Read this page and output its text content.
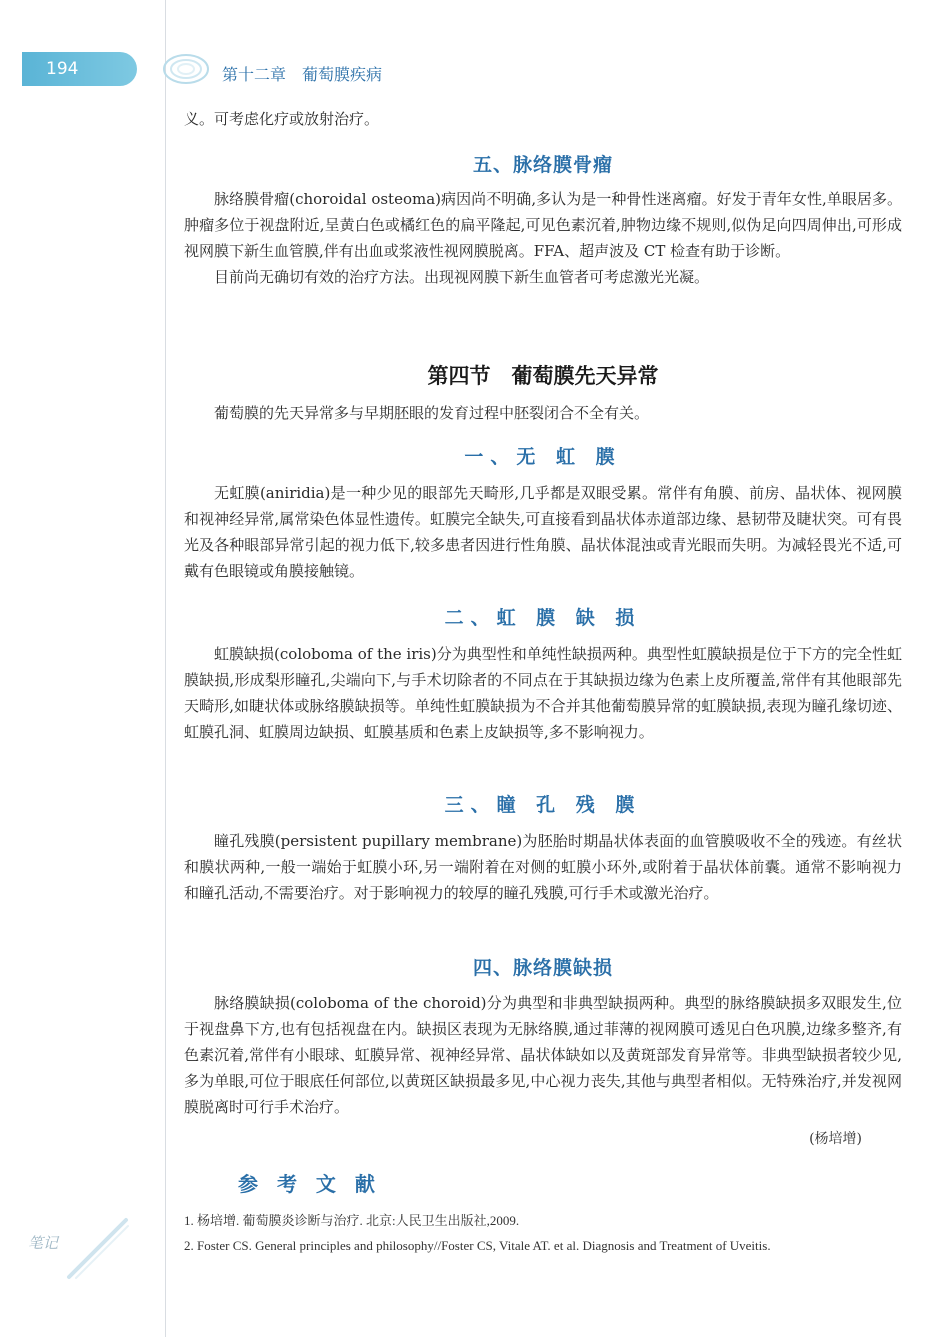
194	第十二章　葡萄膜疾病

义。可考虑化疗或放射治疗。

五、脉络膜骨瘤

脉络膜骨瘤(choroidal osteoma)病因尚不明确,多认为是一种骨性迷离瘤。好发于青年女性,单眼居多。肿瘤多位于视盘附近,呈黄白色或橘红色的扁平隆起,可见色素沉着,肿物边缘不规则,似伪足向四周伸出,可形成视网膜下新生血管膜,伴有出血或浆液性视网膜脱离。FFA、超声波及 CT 检查有助于诊断。

目前尚无确切有效的治疗方法。出现视网膜下新生血管者可考虑激光光凝。

第四节　葡萄膜先天异常

葡萄膜的先天异常多与早期胚眼的发育过程中胚裂闭合不全有关。

一、无 虹 膜

无虹膜(aniridia)是一种少见的眼部先天畸形,几乎都是双眼受累。常伴有角膜、前房、晶状体、视网膜和视神经异常,属常染色体显性遗传。虹膜完全缺失,可直接看到晶状体赤道部边缘、悬韧带及睫状突。可有畏光及各种眼部异常引起的视力低下,较多患者因进行性角膜、晶状体混浊或青光眼而失明。为减轻畏光不适,可戴有色眼镜或角膜接触镜。

二、虹 膜 缺 损

虹膜缺损(coloboma of the iris)分为典型性和单纯性缺损两种。典型性虹膜缺损是位于下方的完全性虹膜缺损,形成梨形瞳孔,尖端向下,与手术切除者的不同点在于其缺损边缘为色素上皮所覆盖,常伴有其他眼部先天畸形,如睫状体或脉络膜缺损等。单纯性虹膜缺损为不合并其他葡萄膜异常的虹膜缺损,表现为瞳孔缘切迹、虹膜孔洞、虹膜周边缺损、虹膜基质和色素上皮缺损等,多不影响视力。

三、瞳 孔 残 膜

瞳孔残膜(persistent pupillary membrane)为胚胎时期晶状体表面的血管膜吸收不全的残迹。有丝状和膜状两种,一般一端始于虹膜小环,另一端附着在对侧的虹膜小环外,或附着于晶状体前囊。通常不影响视力和瞳孔活动,不需要治疗。对于影响视力的较厚的瞳孔残膜,可行手术或激光治疗。

四、脉络膜缺损

脉络膜缺损(coloboma of the choroid)分为典型和非典型缺损两种。典型的脉络膜缺损多双眼发生,位于视盘鼻下方,也有包括视盘在内。缺损区表现为无脉络膜,通过菲薄的视网膜可透见白色巩膜,边缘多整齐,有色素沉着,常伴有小眼球、虹膜异常、视神经异常、晶状体缺如以及黄斑部发育异常等。非典型缺损者较少见,多为单眼,可位于眼底任何部位,以黄斑区缺损最多见,中心视力丧失,其他与典型者相似。无特殊治疗,并发视网膜脱离时可行手术治疗。

(杨培增)
参 考 文 献
1. 杨培增. 葡萄膜炎诊断与治疗. 北京:人民卫生出版社,2009.
2. Foster CS. General principles and philosophy//Foster CS, Vitale AT. et al. Diagnosis and Treatment of Uveitis.
笔记
